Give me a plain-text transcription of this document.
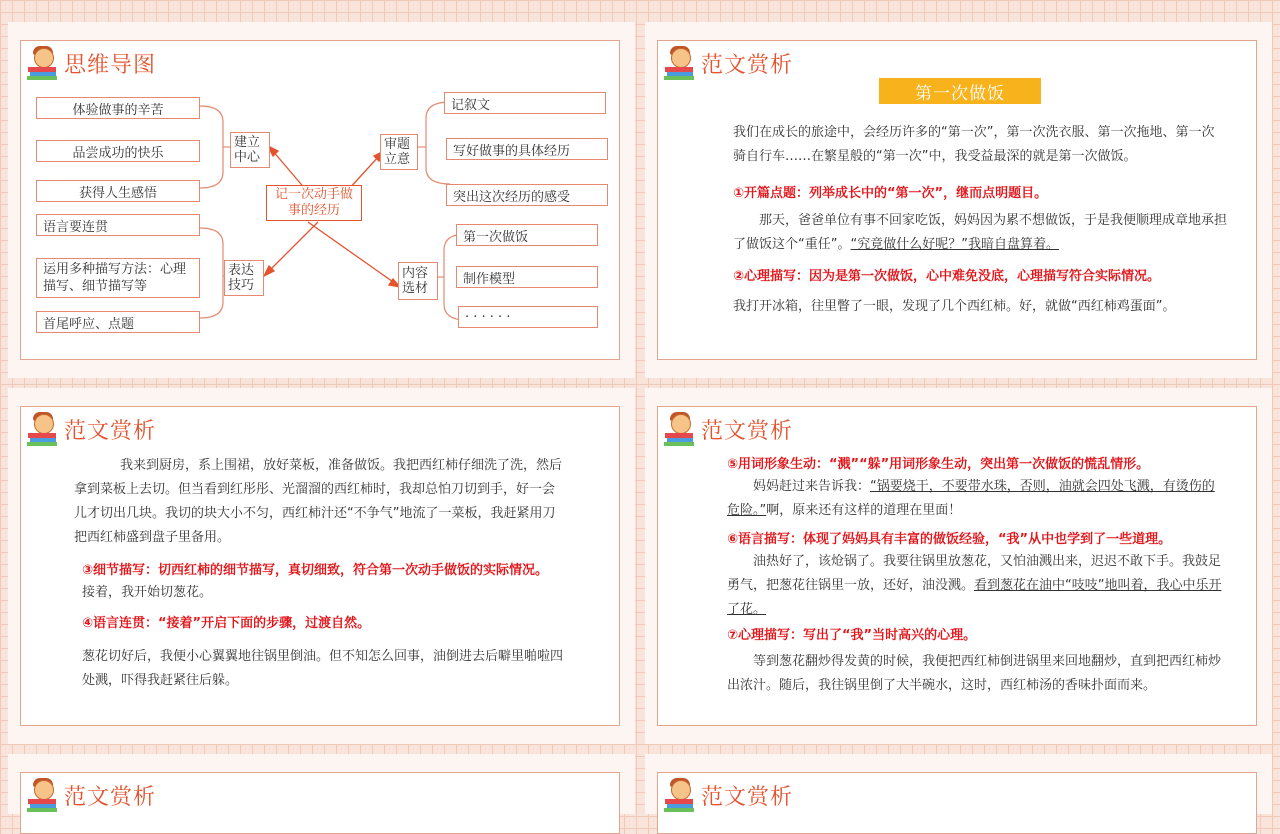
思维导图
记一次动手做事的经历
建立中心
表达技巧
审题立意
内容选材
体验做事的辛苦
品尝成功的快乐
获得人生感悟
语言要连贯
运用多种描写方法：心理描写、细节描写等
首尾呼应、点题
记叙文
写好做事的具体经历
突出这次经历的感受
第一次做饭
制作模型
· · · · · ·
范文赏析
第一次做饭
我们在成长的旅途中，会经历许多的“第一次”，第一次洗衣服、第一次拖地、第一次骑自行车……在繁星般的“第一次”中，我受益最深的就是第一次做饭。
①开篇点题：列举成长中的“第一次”，继而点明题目。
那天，爸爸单位有事不回家吃饭，妈妈因为累不想做饭，于是我便顺理成章地承担了做饭这个“重任”。“究竟做什么好呢？”我暗自盘算着。
②心理描写：因为是第一次做饭，心中难免没底，心理描写符合实际情况。
我打开冰箱，往里瞥了一眼，发现了几个西红柿。好，就做“西红柿鸡蛋面”。
范文赏析
我来到厨房，系上围裙，放好菜板，准备做饭。我把西红柿仔细洗了洗，然后拿到菜板上去切。但当看到红彤彤、光溜溜的西红柿时，我却总怕刀切到手，好一会儿才切出几块。我切的块大小不匀，西红柿汁还“不争气”地流了一菜板，我赶紧用刀把西红柿盛到盘子里备用。
③细节描写：切西红柿的细节描写，真切细致，符合第一次动手做饭的实际情况。
接着，我开始切葱花。
④语言连贯：“接着”开启下面的步骤，过渡自然。
葱花切好后，我便小心翼翼地往锅里倒油。但不知怎么回事，油倒进去后噼里啪啦四处溅，吓得我赶紧往后躲。
范文赏析
⑤用词形象生动：“溅”“躲”用词形象生动，突出第一次做饭的慌乱情形。
妈妈赶过来告诉我：“锅要烧干，不要带水珠，否则，油就会四处飞溅，有烫伤的危险。”啊，原来还有这样的道理在里面！
⑥语言描写：体现了妈妈具有丰富的做饭经验，“我”从中也学到了一些道理。
油热好了，该炝锅了。我要往锅里放葱花，又怕油溅出来，迟迟不敢下手。我鼓足勇气，把葱花往锅里一放，还好，油没溅。看到葱花在油中“吱吱”地叫着，我心中乐开了花。
⑦心理描写：写出了“我”当时高兴的心理。
等到葱花翻炒得发黄的时候，我便把西红柿倒进锅里来回地翻炒，直到把西红柿炒出浓汁。随后，我往锅里倒了大半碗水，这时，西红柿汤的香味扑面而来。
范文赏析	范文赏析
